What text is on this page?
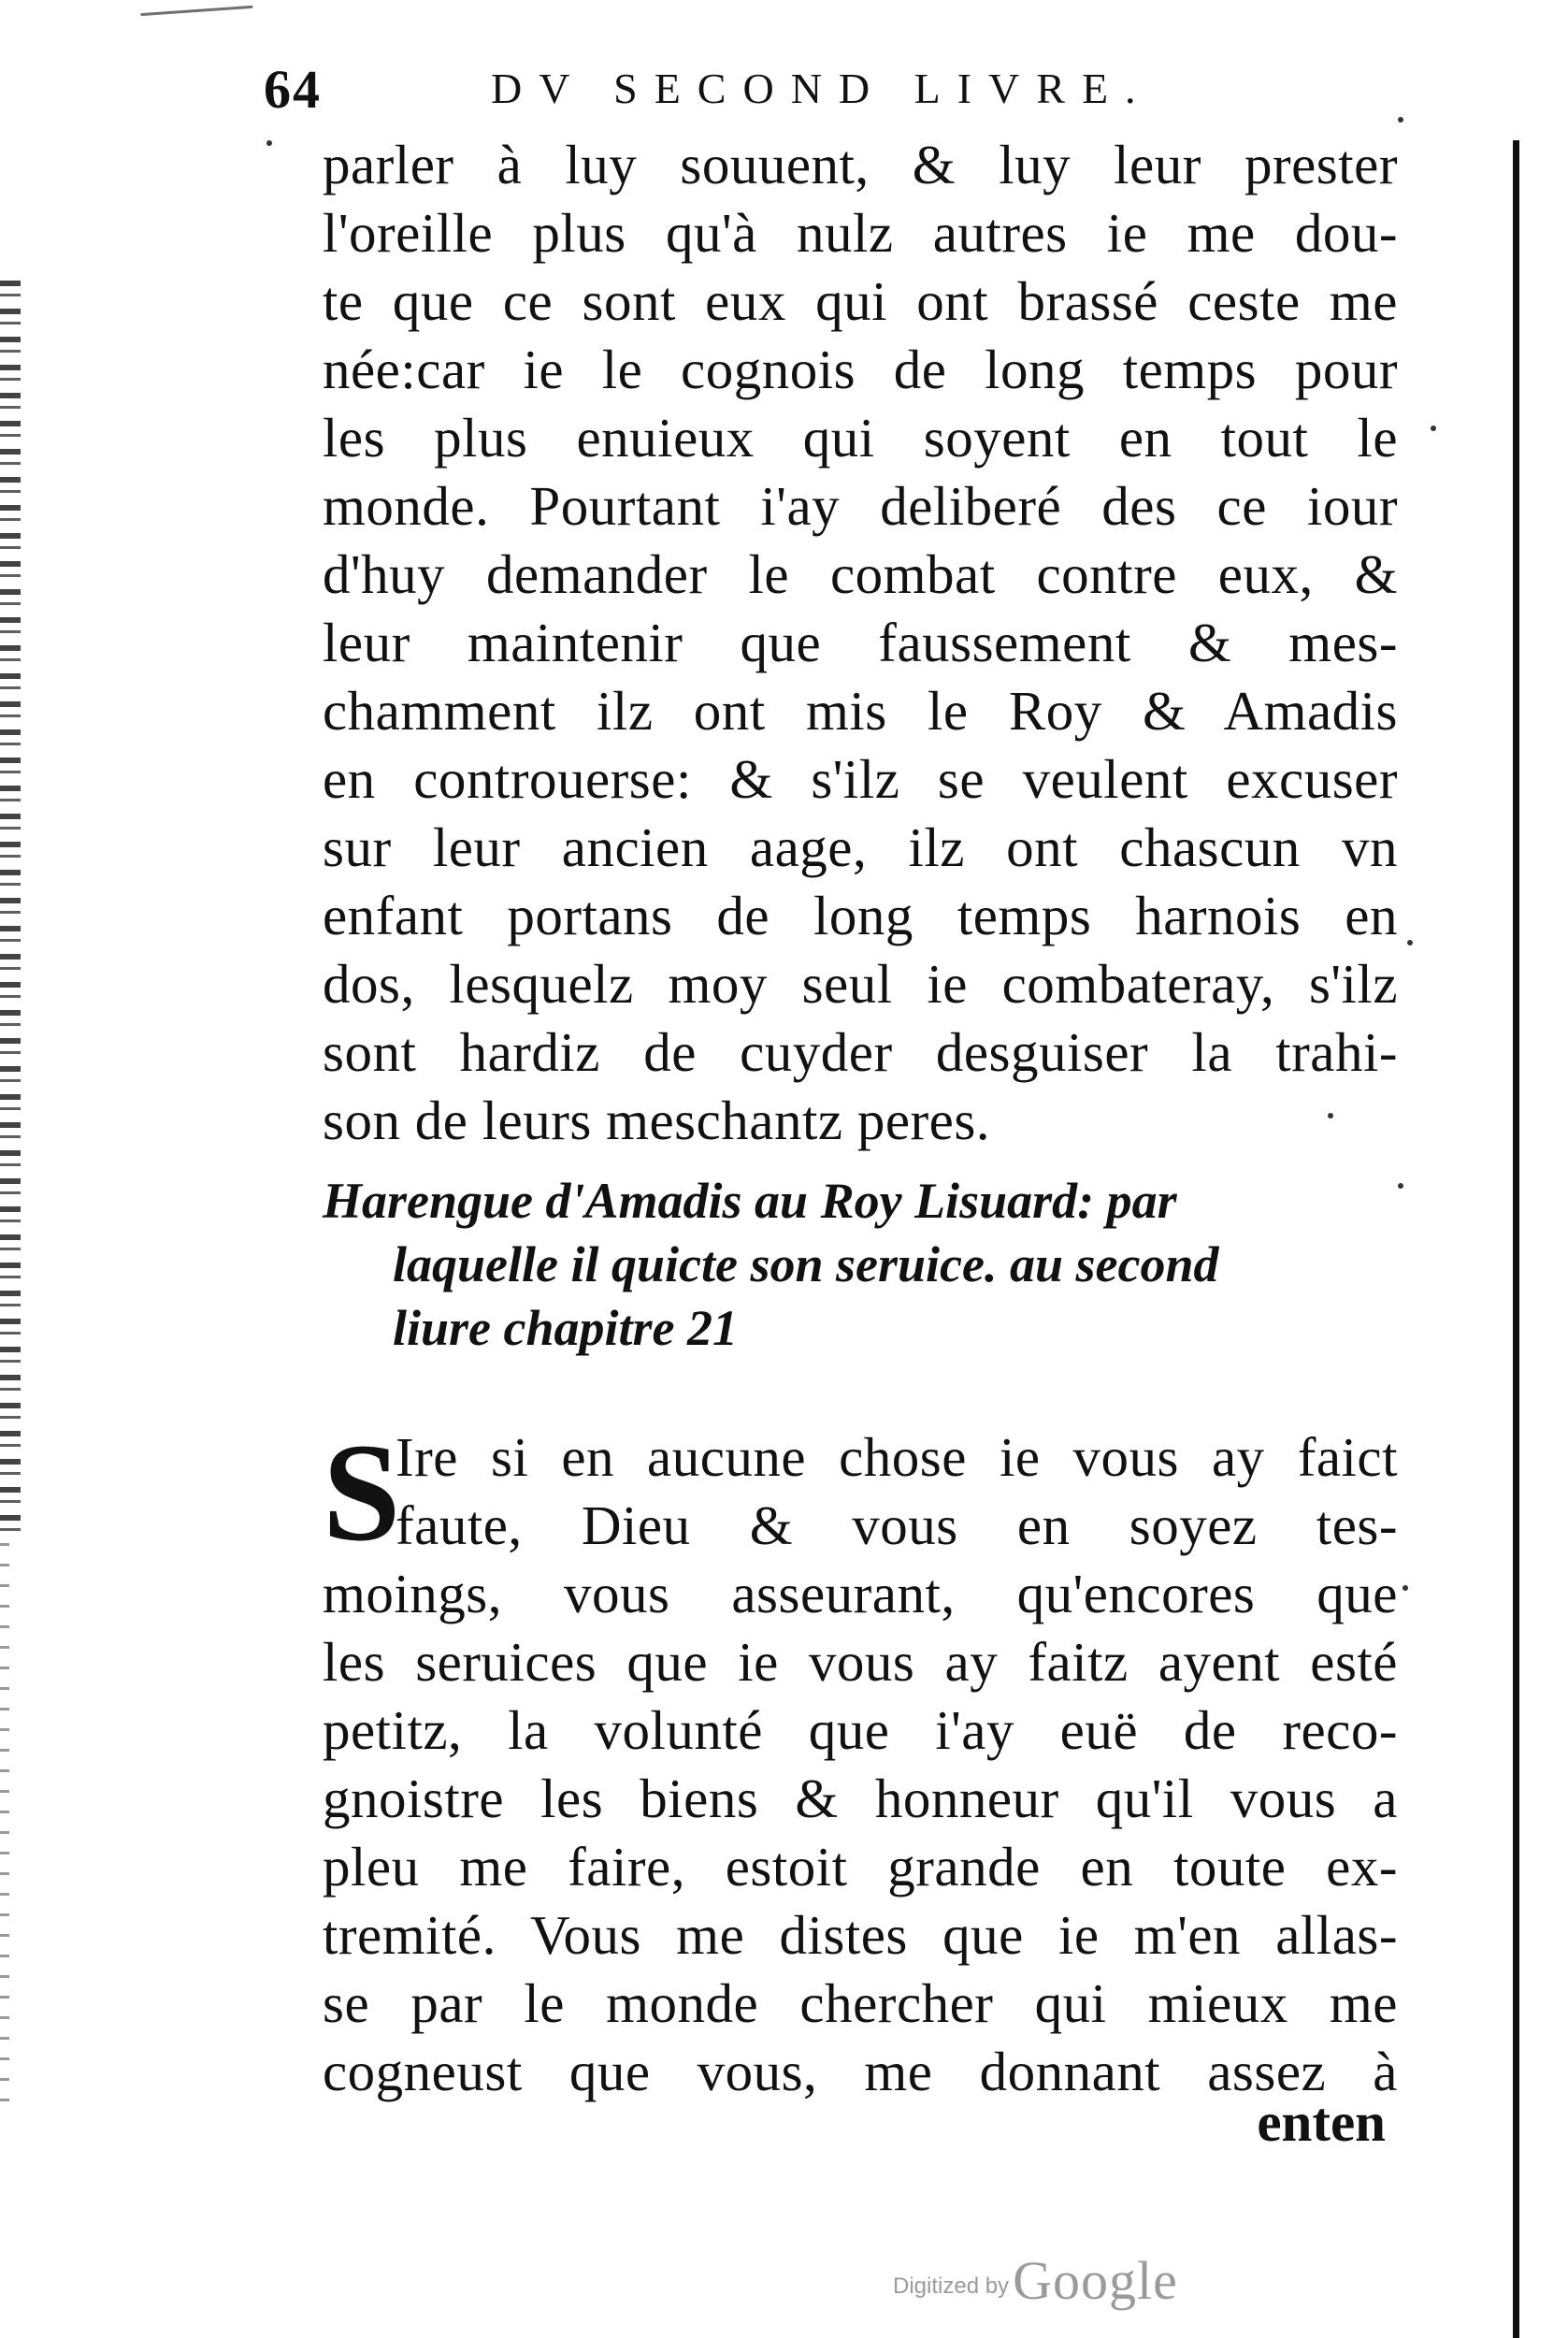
64	DV SECOND LIVRE.
parler à luy souuent, & luy leur prester
l'oreille plus qu'à nulz autres ie me dou-
te que ce sont eux qui ont brassé ceste me
née:car ie le cognois de long temps pour
les plus enuieux qui soyent en tout le
monde. Pourtant i'ay deliberé des ce iour
d'huy demander le combat contre eux, &
leur maintenir que faussement & mes-
chamment ilz ont mis le Roy & Amadis
en controuerse: & s'ilz se veulent excuser
sur leur ancien aage, ilz ont chascun vn
enfant portans de long temps harnois en
dos, lesquelz moy seul ie combateray, s'ilz
sont hardiz de cuyder desguiser la trahi-
son de leurs meschantz peres.
Harengue d'Amadis au Roy Lisuard: par
laquelle il quicte son seruice. au second
liure chapitre 21
S
Ire si en aucune chose ie vous ay faict
faute, Dieu & vous en soyez tes-
moings, vous asseurant, qu'encores que
les seruices que ie vous ay faitz ayent esté
petitz, la volunté que i'ay euë de reco-
gnoistre les biens & honneur qu'il vous a
pleu me faire, estoit grande en toute ex-
tremité. Vous me distes que ie m'en allas-
se par le monde chercher qui mieux me
cogneust que vous, me donnant assez à
enten
Digitized by Google
